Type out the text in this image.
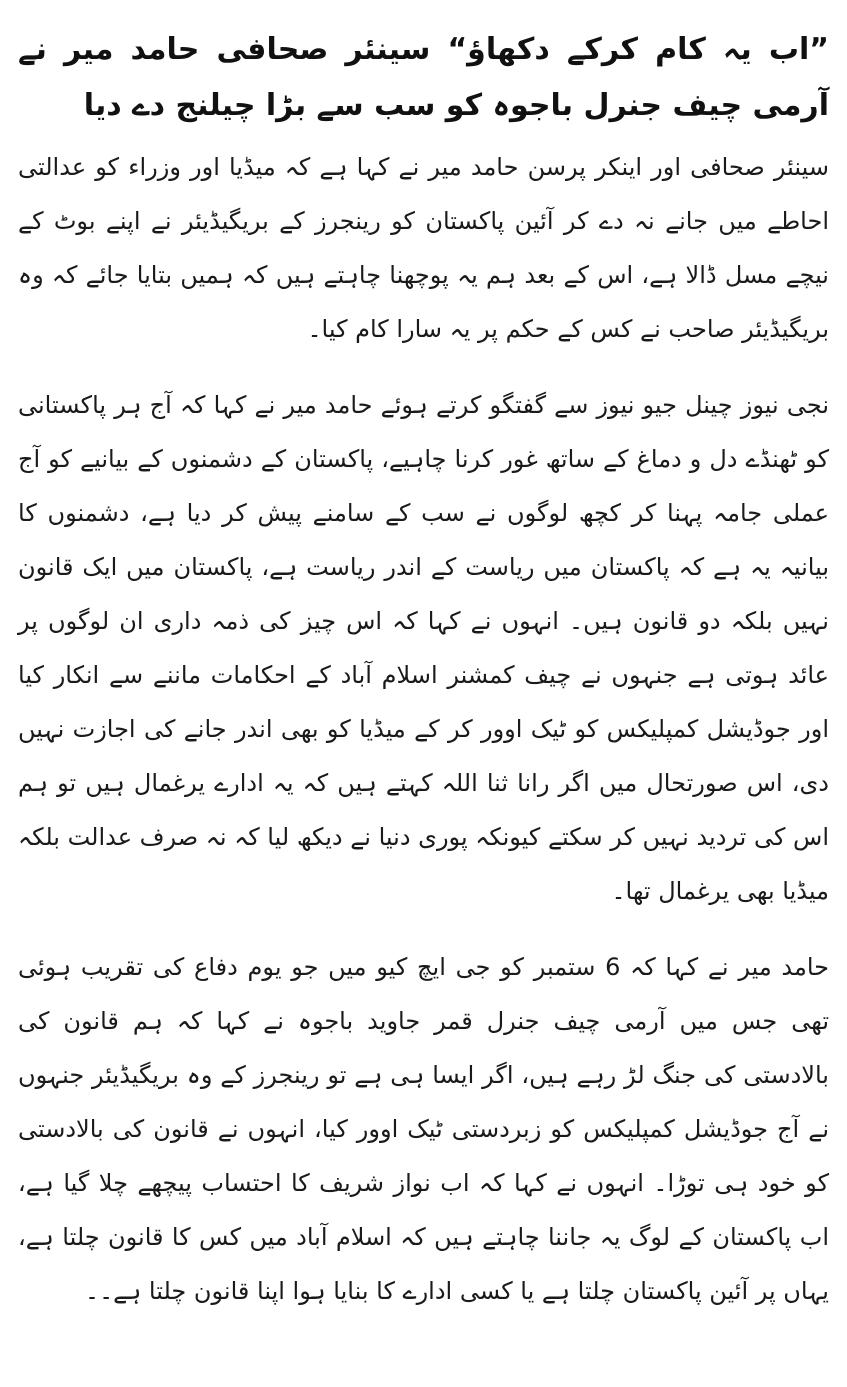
”اب یہ کام کرکے دکھاؤ“ سینئر صحافی حامد میر نے آرمی چیف جنرل باجوہ کو سب سے بڑا چیلنج دے دیا

سینئر صحافی اور اینکر پرسن حامد میر نے کہا ہے کہ میڈیا اور وزراء کو عدالتی احاطے میں جانے نہ دے کر آئین پاکستان کو رینجرز کے بریگیڈیئر نے اپنے بوٹ کے نیچے مسل ڈالا ہے، اس کے بعد ہم یہ پوچھنا چاہتے ہیں کہ ہمیں بتایا جائے کہ وہ بریگیڈیئر صاحب نے کس کے حکم پر یہ سارا کام کیا۔

نجی نیوز چینل جیو نیوز سے گفتگو کرتے ہوئے حامد میر نے کہا کہ آج ہر پاکستانی کو ٹھنڈے دل و دماغ کے ساتھ غور کرنا چاہیے، پاکستان کے دشمنوں کے بیانیے کو آج عملی جامہ پہنا کر کچھ لوگوں نے سب کے سامنے پیش کر دیا ہے، دشمنوں کا بیانیہ یہ ہے کہ پاکستان میں ریاست کے اندر ریاست ہے، پاکستان میں ایک قانون نہیں بلکہ دو قانون ہیں۔ انہوں نے کہا کہ اس چیز کی ذمہ داری ان لوگوں پر عائد ہوتی ہے جنہوں نے چیف کمشنر اسلام آباد کے احکامات ماننے سے انکار کیا اور جوڈیشل کمپلیکس کو ٹیک اوور کر کے میڈیا کو بھی اندر جانے کی اجازت نہیں دی، اس صورتحال میں اگر رانا ثنا اللہ کہتے ہیں کہ یہ ادارے یرغمال ہیں تو ہم اس کی تردید نہیں کر سکتے کیونکہ پوری دنیا نے دیکھ لیا کہ نہ صرف عدالت بلکہ میڈیا بھی یرغمال تھا۔

حامد میر نے کہا کہ 6 ستمبر کو جی ایچ کیو میں جو یوم دفاع کی تقریب ہوئی تھی جس میں آرمی چیف جنرل قمر جاوید باجوہ نے کہا کہ ہم قانون کی بالادستی کی جنگ لڑ رہے ہیں، اگر ایسا ہی ہے تو رینجرز کے وہ بریگیڈیئر جنہوں نے آج جوڈیشل کمپلیکس کو زبردستی ٹیک اوور کیا، انہوں نے قانون کی بالادستی کو خود ہی توڑا۔ انہوں نے کہا کہ اب نواز شریف کا احتساب پیچھے چلا گیا ہے، اب پاکستان کے لوگ یہ جاننا چاہتے ہیں کہ اسلام آباد میں کس کا قانون چلتا ہے، یہاں پر آئین پاکستان چلتا ہے یا کسی ادارے کا بنایا ہوا اپنا قانون چلتا ہے۔۔
